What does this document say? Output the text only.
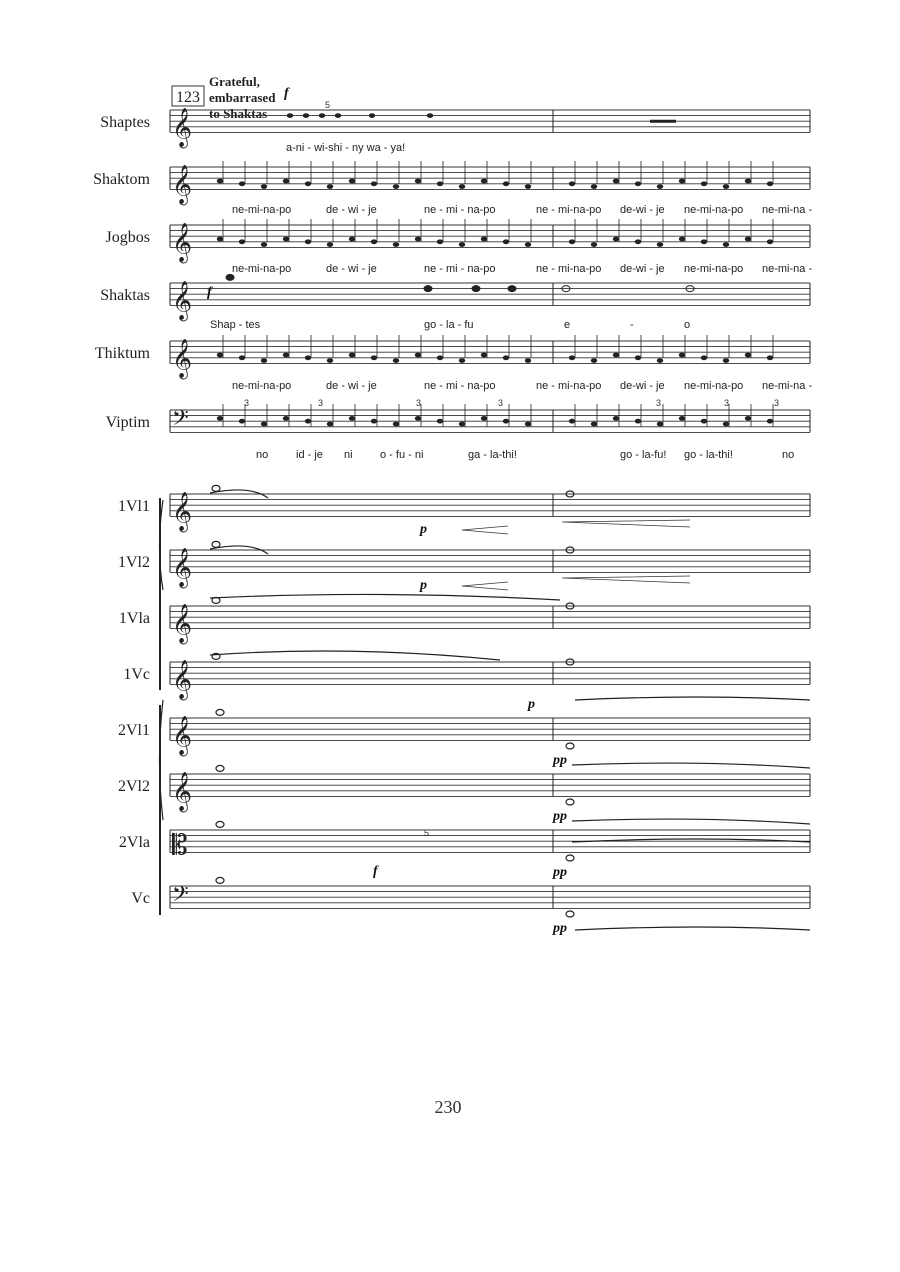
123
Grateful,
embarrased
to Shaktas
f
𝄞
Shaptes
𝄞
Shaktom
𝄞
Jogbos
𝄞
Shaktas
𝄞
Thiktum
𝄢
Viptim
𝄞
1Vl1
𝄞
1Vl2
𝄞
1Vla
𝄞
1Vc
𝄞
2Vl1
𝄞
2Vl2
𝄡
2Vla
𝄢
Vc
a-ni - wi-shi - ny wa - ya!
ne-mi-na-po	de - wi - je	ne - mi - na-po	ne - mi-na-po de-wi - je ne-mi-na-po ne-mi-na -
ne-mi-na-po	de - wi - je	ne - mi - na-po	ne - mi-na-po de-wi - je ne-mi-na-po ne-mi-na -
Shap - tes	go - la - fu	e	-	o
ne-mi-na-po	de - wi - je	ne - mi - na-po	ne - mi-na-po de-wi - je ne-mi-na-po ne-mi-na -
no	id - je ni o - fu - ni	ga - la-thi!	go - la-fu! go - la-thi!	no
f
p
p
p
pp
pp
f	pp
pp
5
5
3	3	3	3	3	3	3
230
